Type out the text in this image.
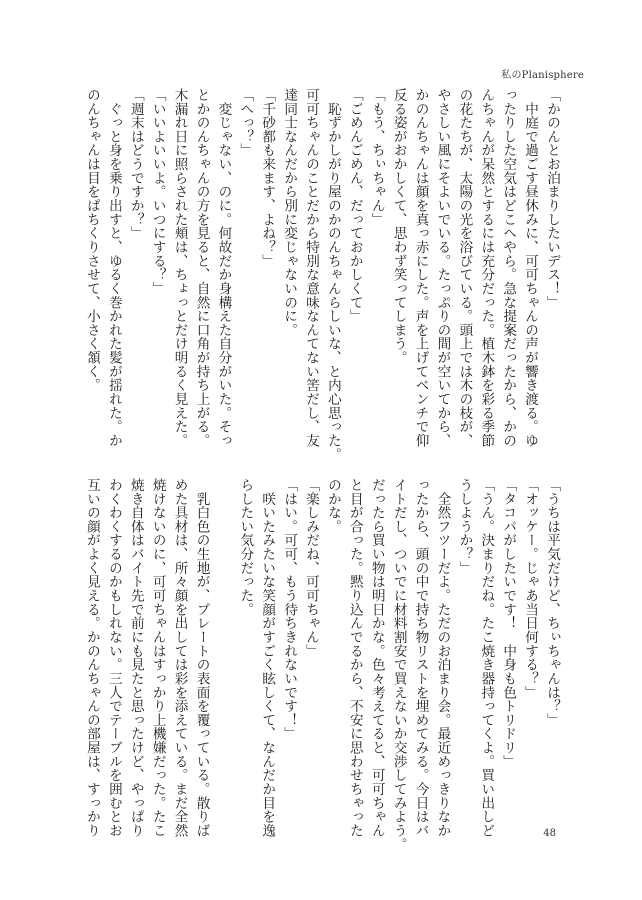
私のPlanisphere

「かのんとお泊まりしたいデス！」

　中庭で過ごす昼休みに、可可ちゃんの声が響き渡る。ゆ

ったりした空気はどこへやら。急な提案だったから、かの

んちゃんが呆然とするには充分だった。植木鉢を彩る季節

の花たちが、太陽の光を浴びている。頭上では木の枝が、

やさしい風にそよいでいる。たっぷりの間が空いてから、

かのんちゃんは顔を真っ赤にした。声を上げてベンチで仰

反る姿がおかしくて、思わず笑ってしまう。

「もう、ちぃちゃん」

「ごめんごめん、だっておかしくて」

　恥ずかしがり屋のかのんちゃんらしいな、と内心思った。

可可ちゃんのことだから特別な意味なんてない筈だし、友

達同士なんだから別に変じゃないのに。

「千砂都も来ます、よね？」

「へっ？」

　変じゃない、のに。何故だか身構えた自分がいた。そっ

とかのんちゃんの方を見ると、自然に口角が持ち上がる。

木漏れ日に照らされた頬は、ちょっとだけ明るく見えた。

「いいよいいよ。いつにする？」

「週末はどうですか？」

　ぐっと身を乗り出すと、ゆるく巻かれた髪が揺れた。か

のんちゃんは目をぱちくりさせて、小さく頷く。

「うちは平気だけど、ちぃちゃんは？」

「オッケー。じゃあ当日何する？」

「タコパがしたいです！　中身も色トリドリ」

「うん。決まりだね。たこ焼き器持ってくよ。買い出しど

うしようか？」

　全然フツーだよ。ただのお泊まり会。最近めっきりなか

ったから、頭の中で持ち物リストを埋めてみる。今日はバ

イトだし、ついでに材料割安で買えないか交渉してみよう。

だったら買い物は明日かな。色々考えてると、可可ちゃん

と目が合った。黙り込んでるから、不安に思わせちゃった

のかな。

「楽しみだね、可可ちゃん」

「はい。可可、もう待ちきれないです！」

　咲いたみたいな笑顔がすごく眩しくて、なんだか目を逸

らしたい気分だった。

　乳白色の生地が、プレートの表面を覆っている。散りば

めた具材は、所々顔を出しては彩を添えている。まだ全然

焼けないのに、可可ちゃんはすっかり上機嫌だった。たこ

焼き自体はバイト先で前にも見たと思ったけど、やっぱり

わくわくするのかもしれない。三人でテーブルを囲むとお

互いの顔がよく見える。かのんちゃんの部屋は、すっかり	48
